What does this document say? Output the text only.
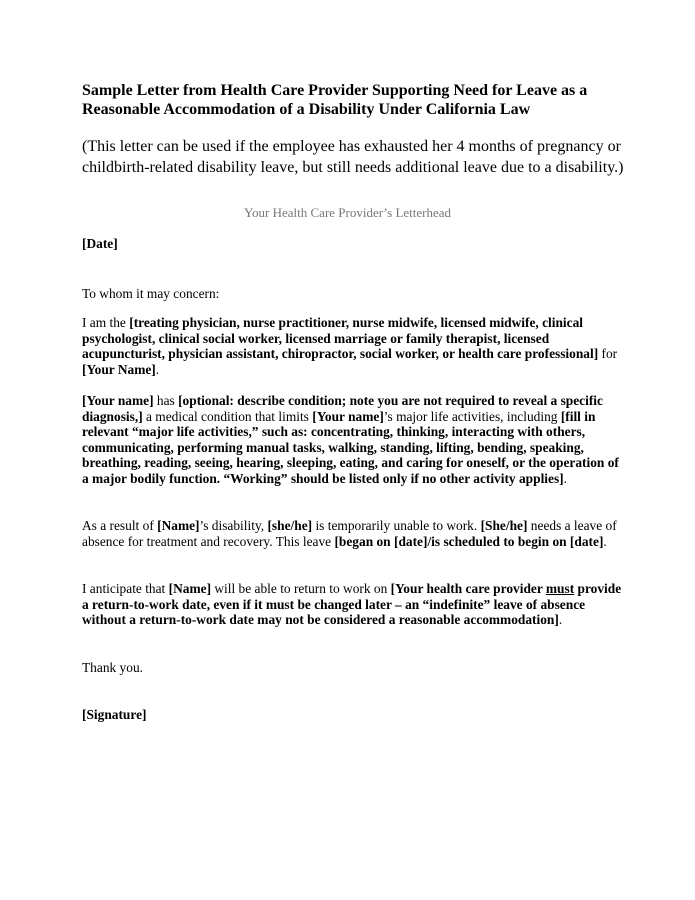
Sample Letter from Health Care Provider Supporting Need for Leave as a
Reasonable Accommodation of a Disability Under California Law

(This letter can be used if the employee has exhausted her 4 months of pregnancy or
childbirth-related disability leave, but still needs additional leave due to a disability.)

Your Health Care Provider’s Letterhead

[Date]

To whom it may concern:

I am the [treating physician, nurse practitioner, nurse midwife, licensed midwife, clinical psychologist, clinical social worker, licensed marriage or family therapist, licensed acupuncturist, physician assistant, chiropractor, social worker, or health care professional] for [Your Name].

[Your name] has [optional: describe condition; note you are not required to reveal a specific diagnosis,] a medical condition that limits [Your name]’s major life activities, including [fill in relevant “major life activities,” such as: concentrating, thinking, interacting with others, communicating, performing manual tasks, walking, standing, lifting, bending, speaking, breathing, reading, seeing, hearing, sleeping, eating, and caring for oneself, or the operation of a major bodily function. “Working” should be listed only if no other activity applies].

As a result of [Name]’s disability, [she/he] is temporarily unable to work. [She/he] needs a leave of absence for treatment and recovery. This leave [began on [date]/is scheduled to begin on [date].

I anticipate that [Name] will be able to return to work on [Your health care provider must provide a return-to-work date, even if it must be changed later – an “indefinite” leave of absence without a return-to-work date may not be considered a reasonable accommodation].

Thank you.

[Signature]
